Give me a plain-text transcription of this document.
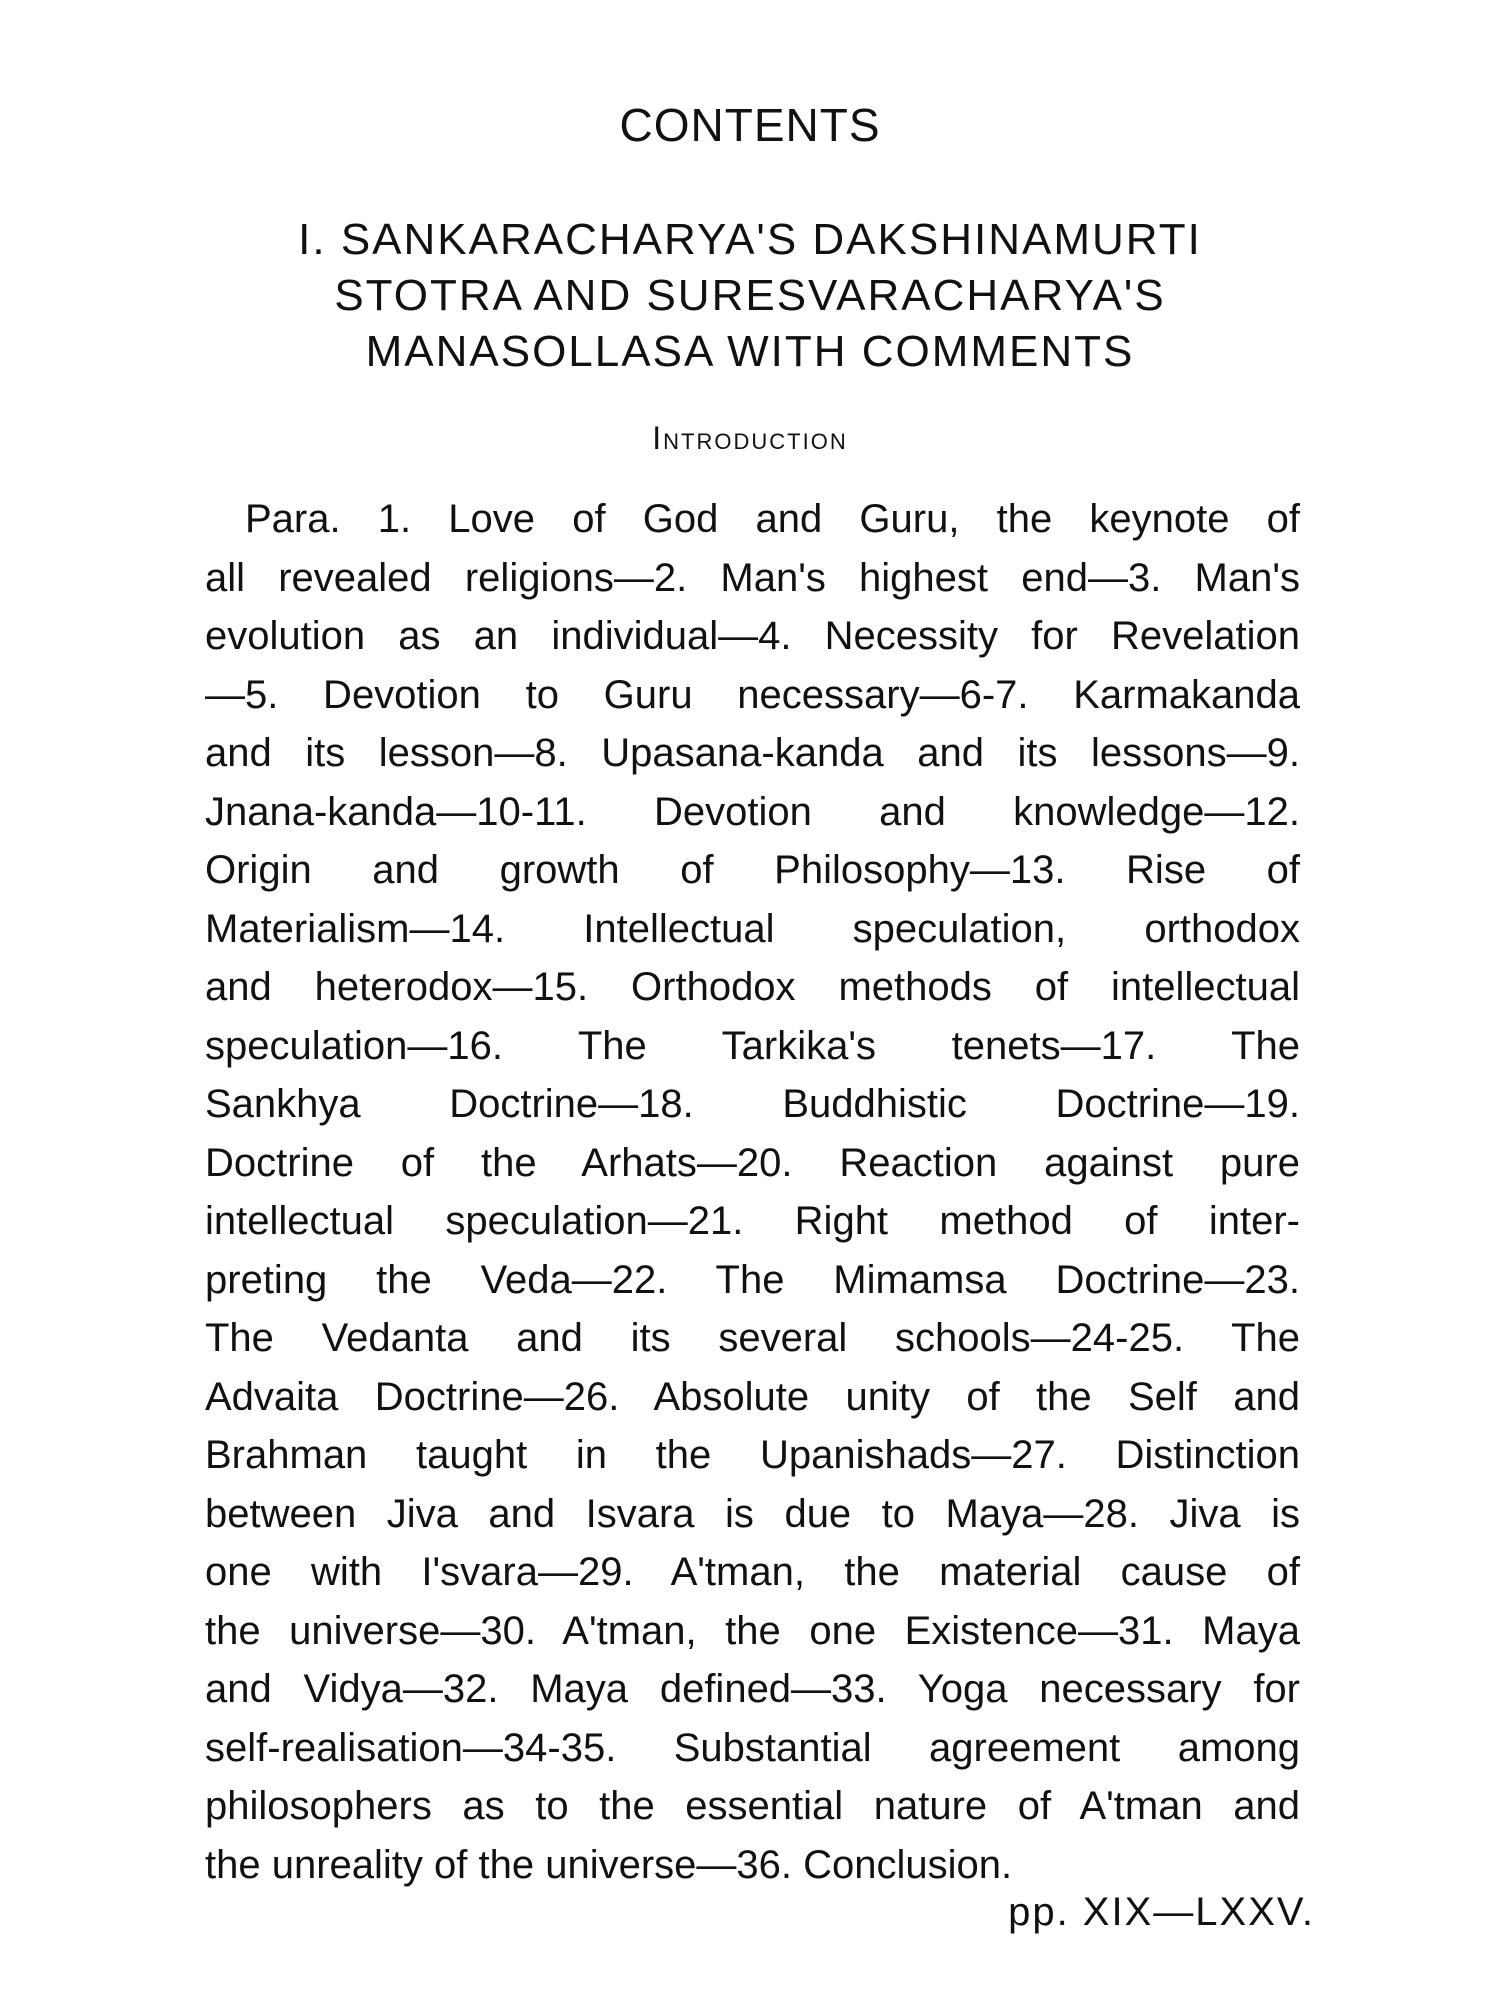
CONTENTS
I. SANKARACHARYA'S DAKSHINAMURTI
STOTRA AND SURESVARACHARYA'S
MANASOLLASA WITH COMMENTS
Introduction

Para. 1. Love of God and Guru, the keynote of
all revealed religions—2. Man's highest end—3. Man's
evolution as an individual—4. Necessity for Revelation
—5. Devotion to Guru necessary—6-7. Karmakanda
and its lesson—8. Upasana-kanda and its lessons—9.
Jnana-kanda—10-11. Devotion and knowledge—12.
Origin and growth of Philosophy—13. Rise of
Materialism—14. Intellectual speculation, orthodox
and heterodox—15. Orthodox methods of intellectual
speculation—16. The Tarkika's tenets—17. The
Sankhya Doctrine—18. Buddhistic Doctrine—19.
Doctrine of the Arhats—20. Reaction against pure
intellectual speculation—21. Right method of inter-
preting the Veda—22. The Mimamsa Doctrine—23.
The Vedanta and its several schools—24-25. The
Advaita Doctrine—26. Absolute unity of the Self and
Brahman taught in the Upanishads—27. Distinction
between Jiva and Isvara is due to Maya—28. Jiva is
one with I'svara—29. A'tman, the material cause of
the universe—30. A'tman, the one Existence—31. Maya
and Vidya—32. Maya defined—33. Yoga necessary for
self-realisation—34-35. Substantial agreement among
philosophers as to the essential nature of A'tman and
the unreality of the universe—36. Conclusion.

pp. XIX—LXXV.
